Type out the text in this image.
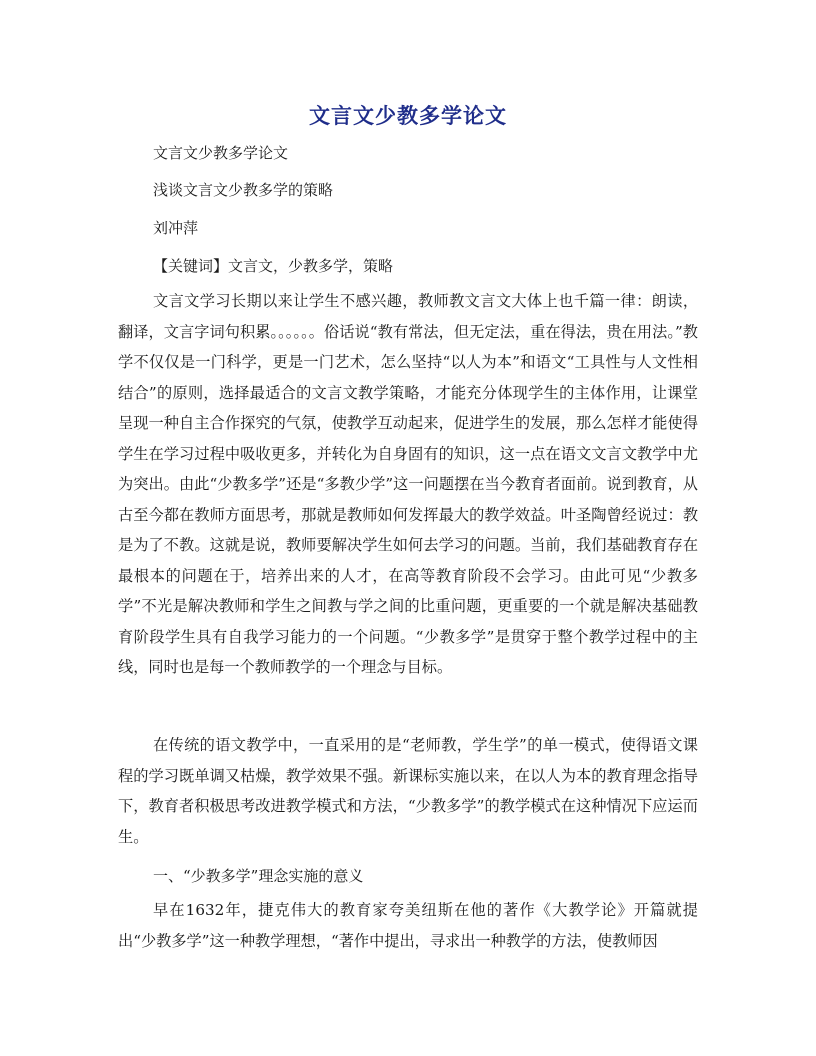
文言文少教多学论文
文言文少教多学论文
浅谈文言文少教多学的策略
刘冲萍
【关键词】文言文，少教多学，策略

文言文学习长期以来让学生不感兴趣，教师教文言文大体上也千篇一律：朗读，翻译，文言字词句积累。。。。。。俗话说“教有常法，但无定法，重在得法，贵在用法。”教学不仅仅是一门科学，更是一门艺术，怎么坚持“以人为本”和语文“工具性与人文性相结合”的原则，选择最适合的文言文教学策略，才能充分体现学生的主体作用，让课堂呈现一种自主合作探究的气氛，使教学互动起来，促进学生的发展，那么怎样才能使得学生在学习过程中吸收更多，并转化为自身固有的知识，这一点在语文文言文教学中尤为突出。由此“少教多学”还是“多教少学”这一问题摆在当今教育者面前。说到教育，从古至今都在教师方面思考，那就是教师如何发挥最大的教学效益。叶圣陶曾经说过：教是为了不教。这就是说，教师要解决学生如何去学习的问题。当前，我们基础教育存在最根本的问题在于，培养出来的人才，在高等教育阶段不会学习。由此可见“少教多学”不光是解决教师和学生之间教与学之间的比重问题，更重要的一个就是解决基础教育阶段学生具有自我学习能力的一个问题。“少教多学”是贯穿于整个教学过程中的主线，同时也是每一个教师教学的一个理念与目标。

在传统的语文教学中，一直采用的是“老师教，学生学”的单一模式，使得语文课程的学习既单调又枯燥，教学效果不强。新课标实施以来，在以人为本的教育理念指导下，教育者积极思考改进教学模式和方法，“少教多学”的教学模式在这种情况下应运而生。

一、“少教多学”理念实施的意义

早在1632年，捷克伟大的教育家夸美纽斯在他的著作《大教学论》开篇就提出“少教多学”这一种教学理想，“著作中提出，寻求出一种教学的方法，使教师因
